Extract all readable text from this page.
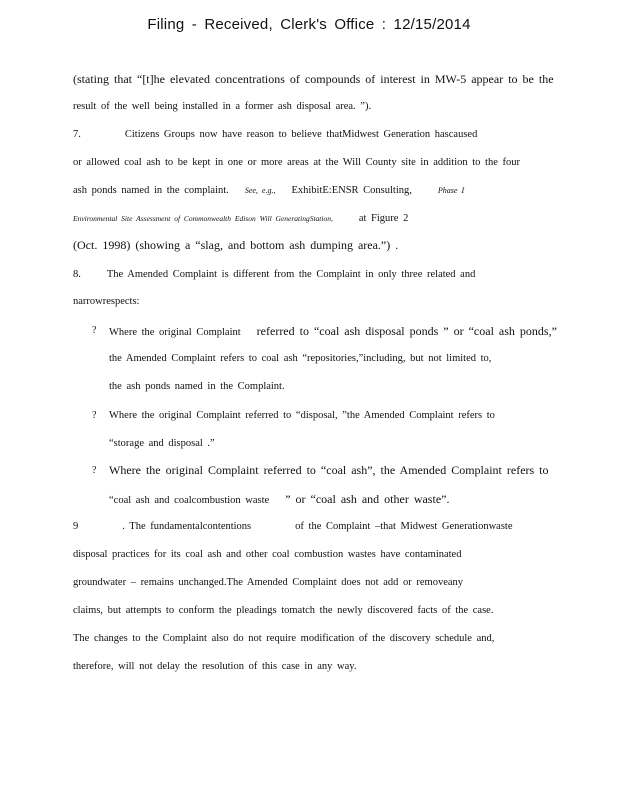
Filing - Received, Clerk's Office : 12/15/2014
(stating that “[t]he elevated concentrations of compounds of interest in MW-5 appear to be the
result of the well being installed in a former ash disposal area. ”).
7.	Citizens Groups now have reason to believe thatMidwest Generation hascaused
or allowed coal ash to be kept in one or more areas at the Will County site in addition to the four
ash ponds named in the complaint. See, e.g., ExhibitE:ENSR Consulting,	Phase I
Environmental Site Assessment of Commonwealth Edison Will GeneratingStation, at Figure 2
(Oct. 1998) (showing a “slag, and bottom ash dumping area.”) .
8. The Amended Complaint is different from the Complaint in only three related and
narrowrespects:
? Where the original Complaint referred to “coal ash disposal ponds ” or “coal ash ponds,”
the Amended Complaint refers to coal ash “repositories,”including, but not limited to,
the ash ponds named in the Complaint.
? Where the original Complaint referred to “disposal, ”the Amended Complaint refers to
“storage and disposal .”
? Where the original Complaint referred to “coal ash”, the Amended Complaint refers to
“coal ash and coalcombustion waste ” or “coal ash and other waste”.
9	. The fundamentalcontentions	of the Complaint –that Midwest Generationwaste
disposal practices for its coal ash and other coal combustion wastes have contaminated
groundwater – remains unchanged.The Amended Complaint does not add or removeany
claims, but attempts to conform the pleadings tomatch the newly discovered facts of the case.
The changes to the Complaint also do not require modification of the discovery schedule and,
therefore, will not delay the resolution of this case in any way.
